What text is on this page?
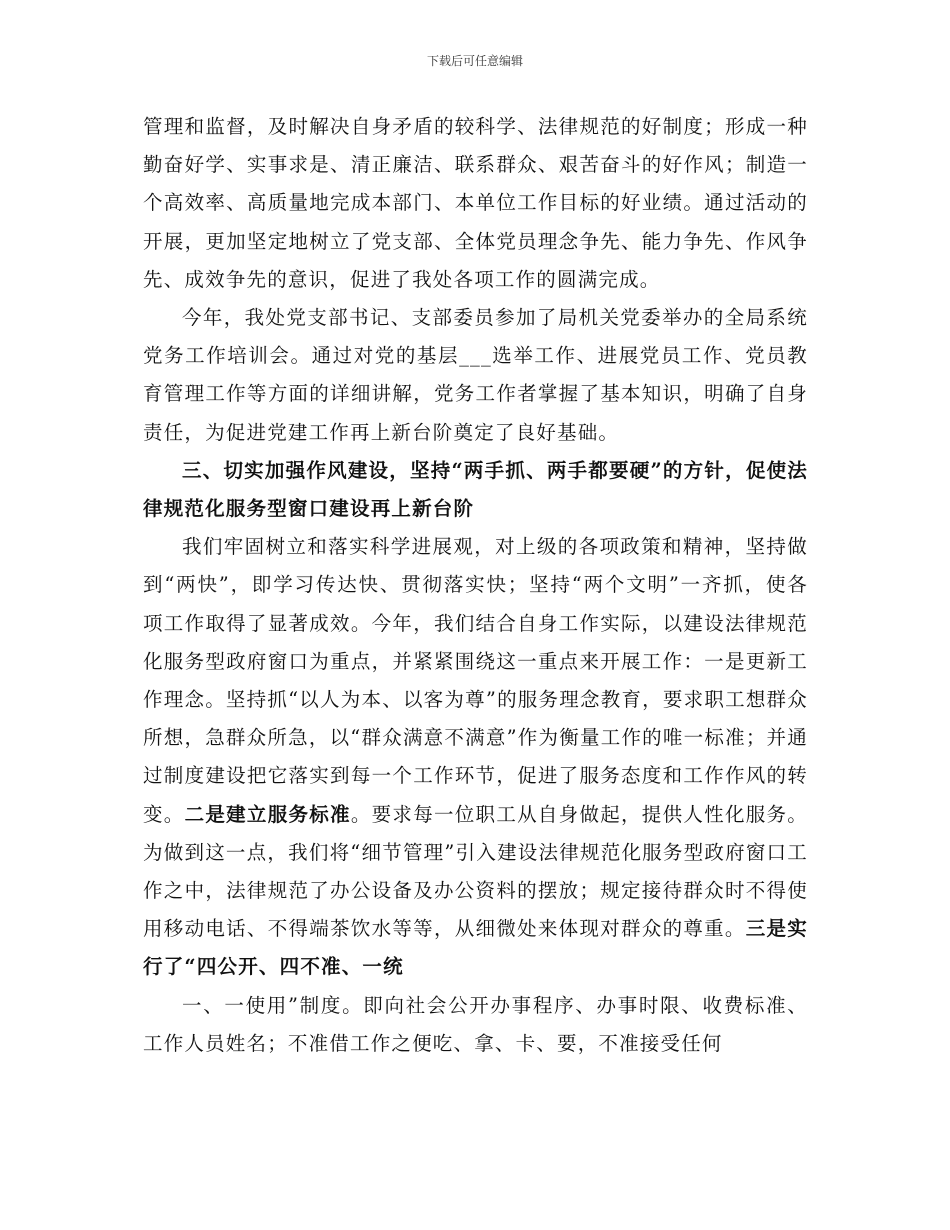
下载后可任意编辑

管理和监督，及时解决自身矛盾的较科学、法律规范的好制度；形成一种勤奋好学、实事求是、清正廉洁、联系群众、艰苦奋斗的好作风；制造一个高效率、高质量地完成本部门、本单位工作目标的好业绩。通过活动的开展，更加坚定地树立了党支部、全体党员理念争先、能力争先、作风争先、成效争先的意识，促进了我处各项工作的圆满完成。

今年，我处党支部书记、支部委员参加了局机关党委举办的全局系统党务工作培训会。通过对党的基层___选举工作、进展党员工作、党员教育管理工作等方面的详细讲解，党务工作者掌握了基本知识，明确了自身责任，为促进党建工作再上新台阶奠定了良好基础。

三、切实加强作风建设，坚持“两手抓、两手都要硬”的方针，促使法律规范化服务型窗口建设再上新台阶

我们牢固树立和落实科学进展观，对上级的各项政策和精神，坚持做到“两快”，即学习传达快、贯彻落实快；坚持“两个文明”一齐抓，使各项工作取得了显著成效。今年，我们结合自身工作实际，以建设法律规范化服务型政府窗口为重点，并紧紧围绕这一重点来开展工作：一是更新工作理念。坚持抓“以人为本、以客为尊”的服务理念教育，要求职工想群众所想，急群众所急，以“群众满意不满意”作为衡量工作的唯一标准；并通过制度建设把它落实到每一个工作环节，促进了服务态度和工作作风的转变。二是建立服务标准。要求每一位职工从自身做起，提供人性化服务。为做到这一点，我们将“细节管理”引入建设法律规范化服务型政府窗口工作之中，法律规范了办公设备及办公资料的摆放；规定接待群众时不得使用移动电话、不得端茶饮水等等，从细微处来体现对群众的尊重。三是实行了“四公开、四不准、一统

一、一使用”制度。即向社会公开办事程序、办事时限、收费标准、工作人员姓名；不准借工作之便吃、拿、卡、要，不准接受任何
